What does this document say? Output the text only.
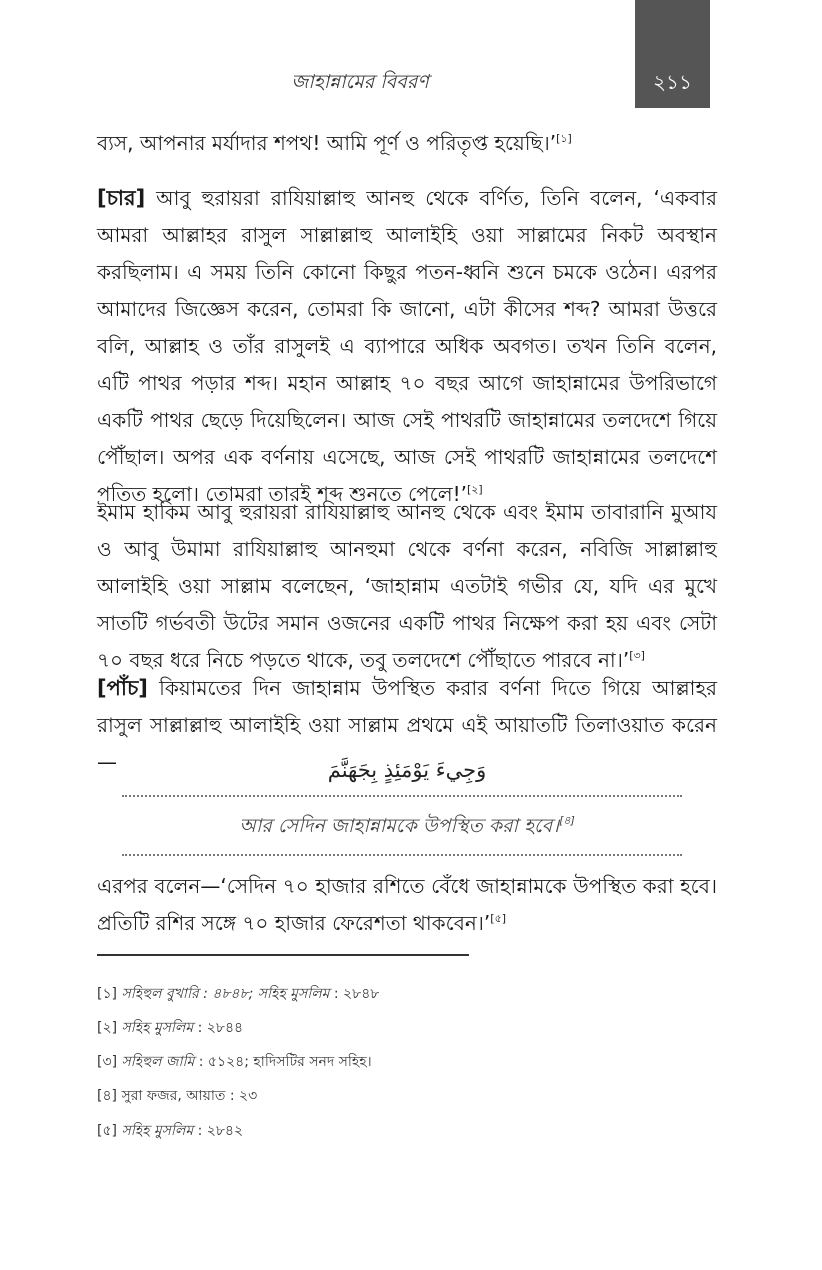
জাহান্নামের বিবরণ	২১১

ব্যস, আপনার মর্যাদার শপথ! আমি পূর্ণ ও পরিতৃপ্ত হয়েছি।’[১]

[চার] আবু হুরায়রা রাযিয়াল্লাহু আনহু থেকে বর্ণিত, তিনি বলেন, ‘একবার আমরা আল্লাহর রাসুল সাল্লাল্লাহু আলাইহি ওয়া সাল্লামের নিকট অবস্থান করছিলাম। এ সময় তিনি কোনো কিছুর পতন-ধ্বনি শুনে চমকে ওঠেন। এরপর আমাদের জিজ্ঞেস করেন, তোমরা কি জানো, এটা কীসের শব্দ? আমরা উত্তরে বলি, আল্লাহ ও তাঁর রাসুলই এ ব্যাপারে অধিক অবগত। তখন তিনি বলেন, এটি পাথর পড়ার শব্দ। মহান আল্লাহ ৭০ বছর আগে জাহান্নামের উপরিভাগে একটি পাথর ছেড়ে দিয়েছিলেন। আজ সেই পাথরটি জাহান্নামের তলদেশে গিয়ে পৌঁছাল। অপর এক বর্ণনায় এসেছে, আজ সেই পাথরটি জাহান্নামের তলদেশে পতিত হলো। তোমরা তারই শব্দ শুনতে পেলে!’[২]

ইমাম হাকিম আবু হুরায়রা রাযিয়াল্লাহু আনহু থেকে এবং ইমাম তাবারানি মুআয ও আবু উমামা রাযিয়াল্লাহু আনহুমা থেকে বর্ণনা করেন, নবিজি সাল্লাল্লাহু আলাইহি ওয়া সাল্লাম বলেছেন, ‘জাহান্নাম এতটাই গভীর যে, যদি এর মুখে সাতটি গর্ভবতী উটের সমান ওজনের একটি পাথর নিক্ষেপ করা হয় এবং সেটা ৭০ বছর ধরে নিচে পড়তে থাকে, তবু তলদেশে পৌঁছাতে পারবে না।’[৩]

[পাঁচ] কিয়ামতের দিন জাহান্নাম উপস্থিত করার বর্ণনা দিতে গিয়ে আল্লাহর রাসুল সাল্লাল্লাহু আলাইহি ওয়া সাল্লাম প্রথমে এই আয়াতটি তিলাওয়াত করেন—	وَجِيءَ يَوْمَئِذٍ بِجَهَنَّمَ
আর সেদিন জাহান্নামকে উপস্থিত করা হবে।[৪]

এরপর বলেন—‘সেদিন ৭০ হাজার রশিতে বেঁধে জাহান্নামকে উপস্থিত করা হবে। প্রতিটি রশির সঙ্গে ৭০ হাজার ফেরেশতা থাকবেন।’[৫]

[১] সহিহুল বুখারি : ৪৮৪৮; সহিহ মুসলিম : ২৮৪৮
[২] সহিহ মুসলিম : ২৮৪৪
[৩] সহিহুল জামি : ৫১২৪; হাদিসটির সনদ সহিহ।
[৪] সুরা ফজর, আয়াত : ২৩
[৫] সহিহ মুসলিম : ২৮৪২
